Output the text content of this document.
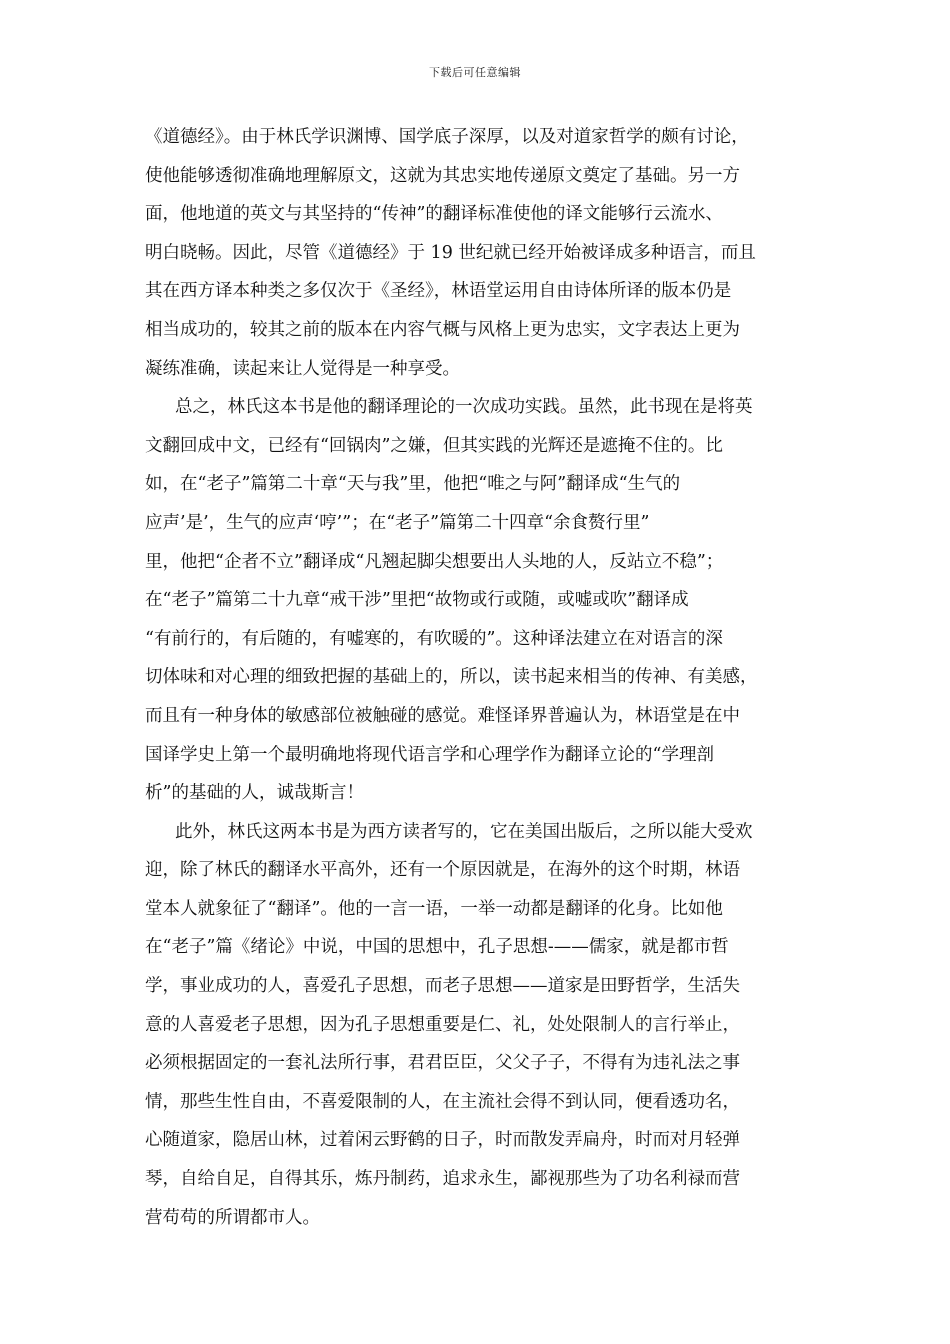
下载后可任意编辑
《道德经》。由于林氏学识渊博、国学底子深厚，以及对道家哲学的颇有讨论，
使他能够透彻准确地理解原文，这就为其忠实地传递原文奠定了基础。另一方
面，他地道的英文与其坚持的“传神”的翻译标准使他的译文能够行云流水、
明白晓畅。因此，尽管《道德经》于 19 世纪就已经开始被译成多种语言，而且
其在西方译本种类之多仅次于《圣经》，林语堂运用自由诗体所译的版本仍是
相当成功的，较其之前的版本在内容气概与风格上更为忠实，文字表达上更为
凝练准确，读起来让人觉得是一种享受。
总之，林氏这本书是他的翻译理论的一次成功实践。虽然，此书现在是将英
文翻回成中文，已经有“回锅肉”之嫌，但其实践的光辉还是遮掩不住的。比
如，在“老子”篇第二十章“天与我”里，他把“唯之与阿”翻译成“生气的
应声’是’，生气的应声‘哼’”；在“老子”篇第二十四章“余食赘行里”
里，他把“企者不立”翻译成“凡翘起脚尖想要出人头地的人，反站立不稳”；
在“老子”篇第二十九章“戒干涉”里把“故物或行或随，或嘘或吹”翻译成
“有前行的，有后随的，有嘘寒的，有吹暖的”。这种译法建立在对语言的深
切体味和对心理的细致把握的基础上的，所以，读书起来相当的传神、有美感，
而且有一种身体的敏感部位被触碰的感觉。难怪译界普遍认为，林语堂是在中
国译学史上第一个最明确地将现代语言学和心理学作为翻译立论的“学理剖
析”的基础的人，诚哉斯言！
此外，林氏这两本书是为西方读者写的，它在美国出版后，之所以能大受欢
迎，除了林氏的翻译水平高外，还有一个原因就是，在海外的这个时期，林语
堂本人就象征了“翻译”。他的一言一语，一举一动都是翻译的化身。比如他
在“老子”篇《绪论》中说，中国的思想中，孔子思想-——儒家，就是都市哲
学，事业成功的人，喜爱孔子思想，而老子思想——道家是田野哲学，生活失
意的人喜爱老子思想，因为孔子思想重要是仁、礼，处处限制人的言行举止，
必须根据固定的一套礼法所行事，君君臣臣，父父子子，不得有为违礼法之事
情，那些生性自由，不喜爱限制的人，在主流社会得不到认同，便看透功名，
心随道家，隐居山林，过着闲云野鹤的日子，时而散发弄扁舟，时而对月轻弹
琴，自给自足，自得其乐，炼丹制药，追求永生，鄙视那些为了功名利禄而营
营苟苟的所谓都市人。
